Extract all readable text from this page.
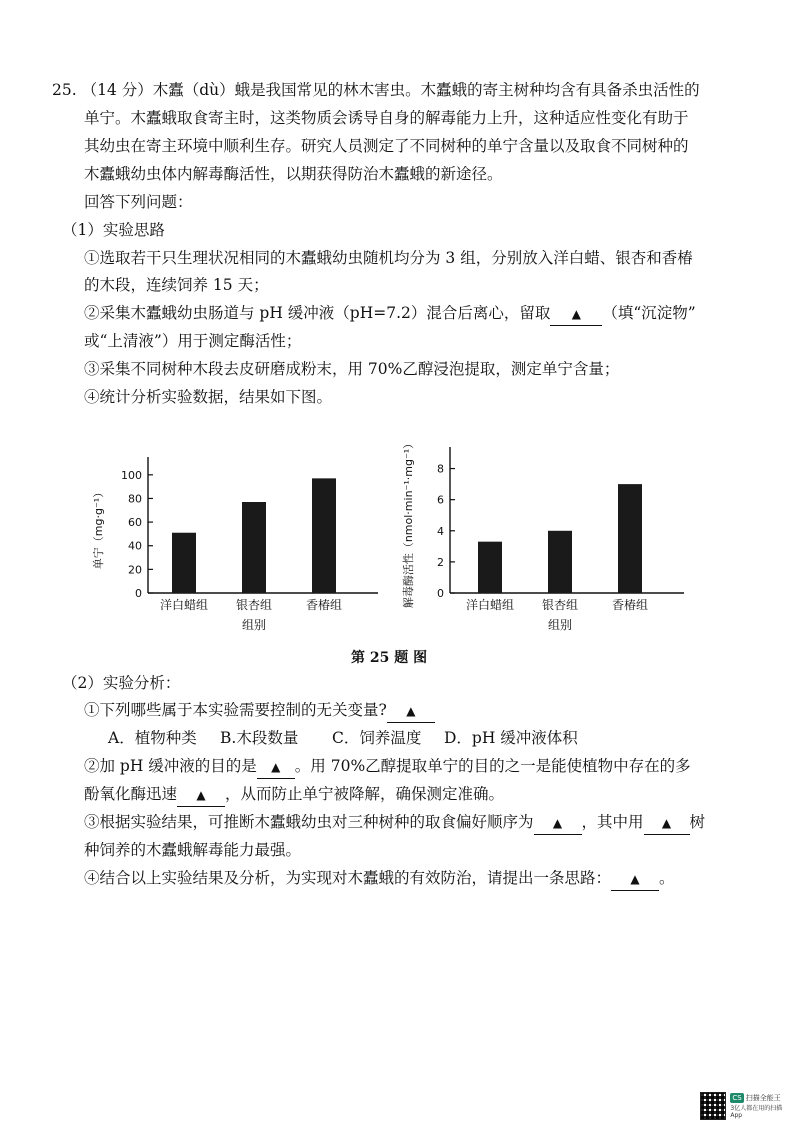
25. （14 分）木蠹（dù）蛾是我国常见的林木害虫。木蠹蛾的寄主树种均含有具备杀虫活性的
单宁。木蠹蛾取食寄主时，这类物质会诱导自身的解毒能力上升，这种适应性变化有助于
其幼虫在寄主环境中顺利生存。研究人员测定了不同树种的单宁含量以及取食不同树种的
木蠹蛾幼虫体内解毒酶活性，以期获得防治木蠹蛾的新途径。
回答下列问题：
（1）实验思路
①选取若干只生理状况相同的木蠹蛾幼虫随机均分为 3 组，分别放入洋白蜡、银杏和香椿
的木段，连续饲养 15 天；
②采集木蠹蛾幼虫肠道与 pH 缓冲液（pH=7.2）混合后离心，留取 ▲ （填“沉淀物”
或“上清液”）用于测定酶活性；
③采集不同树种木段去皮研磨成粉末，用 70%乙醇浸泡提取，测定单宁含量；
④统计分析实验数据，结果如下图。
0
20
40
60
80
100
洋白蜡组 银杏组	香椿组
组别
单宁（mg·g⁻¹）
0
2
4
6
8
洋白蜡组 银杏组	香椿组
组别
解毒酶活性（nmol·min⁻¹·mg⁻¹）
第 25 题 图
（2）实验分析：
①下列哪些属于本实验需要控制的无关变量? ▲
A．植物种类 B.木段数量 C．饲养温度 D．pH 缓冲液体积
②加 pH 缓冲液的目的是 ▲ 。用 70%乙醇提取单宁的目的之一是能使植物中存在的多
酚氧化酶迅速 ▲ ，从而防止单宁被降解，确保测定准确。
③根据实验结果，可推断木蠹蛾幼虫对三种树种的取食偏好顺序为 ▲ ，其中用 ▲ 树
种饲养的木蠹蛾解毒能力最强。
④结合以上实验结果及分析，为实现对木蠹蛾的有效防治，请提出一条思路： ▲ 。
CS 扫描全能王
3亿人都在用的扫描App
